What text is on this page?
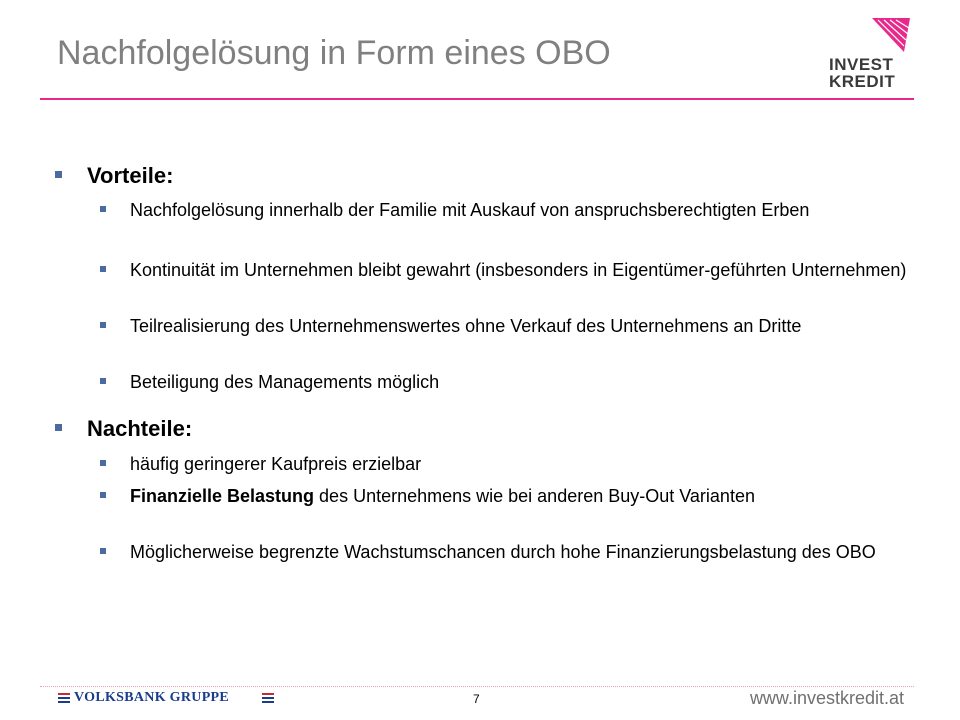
Nachfolgelösung in Form eines OBO	INVEST
KREDIT
Vorteile:
Nachfolgelösung innerhalb der Familie mit Auskauf von anspruchsberechtigten Erben
Kontinuität im Unternehmen bleibt gewahrt (insbesonders in Eigentümer-geführten Unternehmen)
Teilrealisierung des Unternehmenswertes ohne Verkauf des Unternehmens an Dritte
Beteiligung des Managements möglich
Nachteile:
häufig geringerer Kaufpreis erzielbar
Finanzielle Belastung des Unternehmens wie bei anderen Buy-Out Varianten
Möglicherweise begrenzte Wachstumschancen durch hohe Finanzierungsbelastung des OBO
VOLKSBANK GRUPPE	7	www.investkredit.at
